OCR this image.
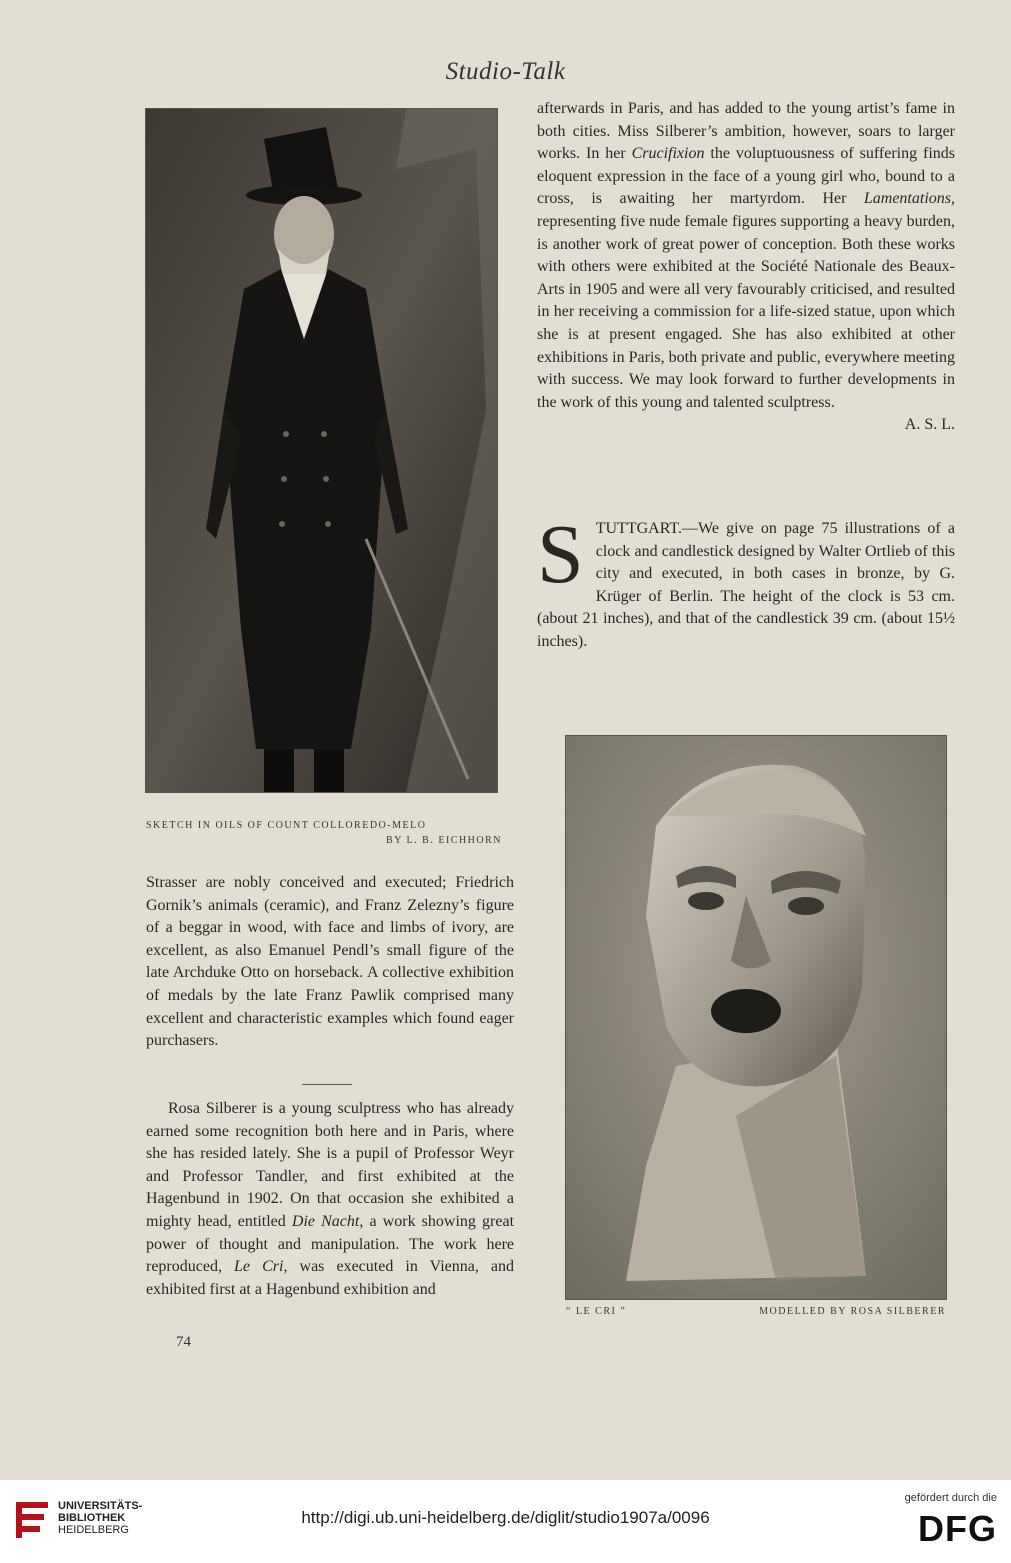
Studio-Talk
SKETCH IN OILS OF COUNT COLLOREDO-MELO
BY L. B. EICHHORN

Strasser are nobly conceived and executed; Friedrich Gornik’s animals (ceramic), and Franz Zelezny’s figure of a beggar in wood, with face and limbs of ivory, are excellent, as also Emanuel Pendl’s small figure of the late Archduke Otto on horseback. A collective exhibition of medals by the late Franz Pawlik comprised many excellent and characteristic examples which found eager purchasers.

Rosa Silberer is a young sculptress who has already earned some recognition both here and in Paris, where she has resided lately. She is a pupil of Professor Weyr and Professor Tandler, and first exhibited at the Hagenbund in 1902. On that occasion she exhibited a mighty head, entitled Die Nacht, a work showing great power of thought and manipulation. The work here reproduced, Le Cri, was executed in Vienna, and exhibited first at a Hagenbund exhibition and

74

afterwards in Paris, and has added to the young artist’s fame in both cities. Miss Silberer’s ambition, however, soars to larger works. In her Crucifixion the voluptuousness of suffering finds eloquent expression in the face of a young girl who, bound to a cross, is awaiting her martyrdom. Her Lamentations, representing five nude female figures supporting a heavy burden, is another work of great power of conception. Both these works with others were exhibited at the Société Nationale des Beaux-Arts in 1905 and were all very favourably criticised, and resulted in her receiving a commission for a life-sized statue, upon which she is at present engaged. She has also exhibited at other exhibitions in Paris, both private and public, everywhere meeting with success. We may look forward to further developments in the work of this young and talented sculptress.

A. S. L.

STUTTGART.—We give on page 75 illustrations of a clock and candlestick designed by Walter Ortlieb of this city and executed, in both cases in bronze, by G. Krüger of Berlin. The height of the clock is 53 cm. (about 21 inches), and that of the candlestick 39 cm. (about 15½ inches).

“ LE CRI ”	MODELLED BY ROSA SILBERER
UNIVERSITÄTS-
BIBLIOTHEK
HEIDELBERG
http://digi.ub.uni-heidelberg.de/diglit/studio1907a/0096
gefördert durch die
DFG
